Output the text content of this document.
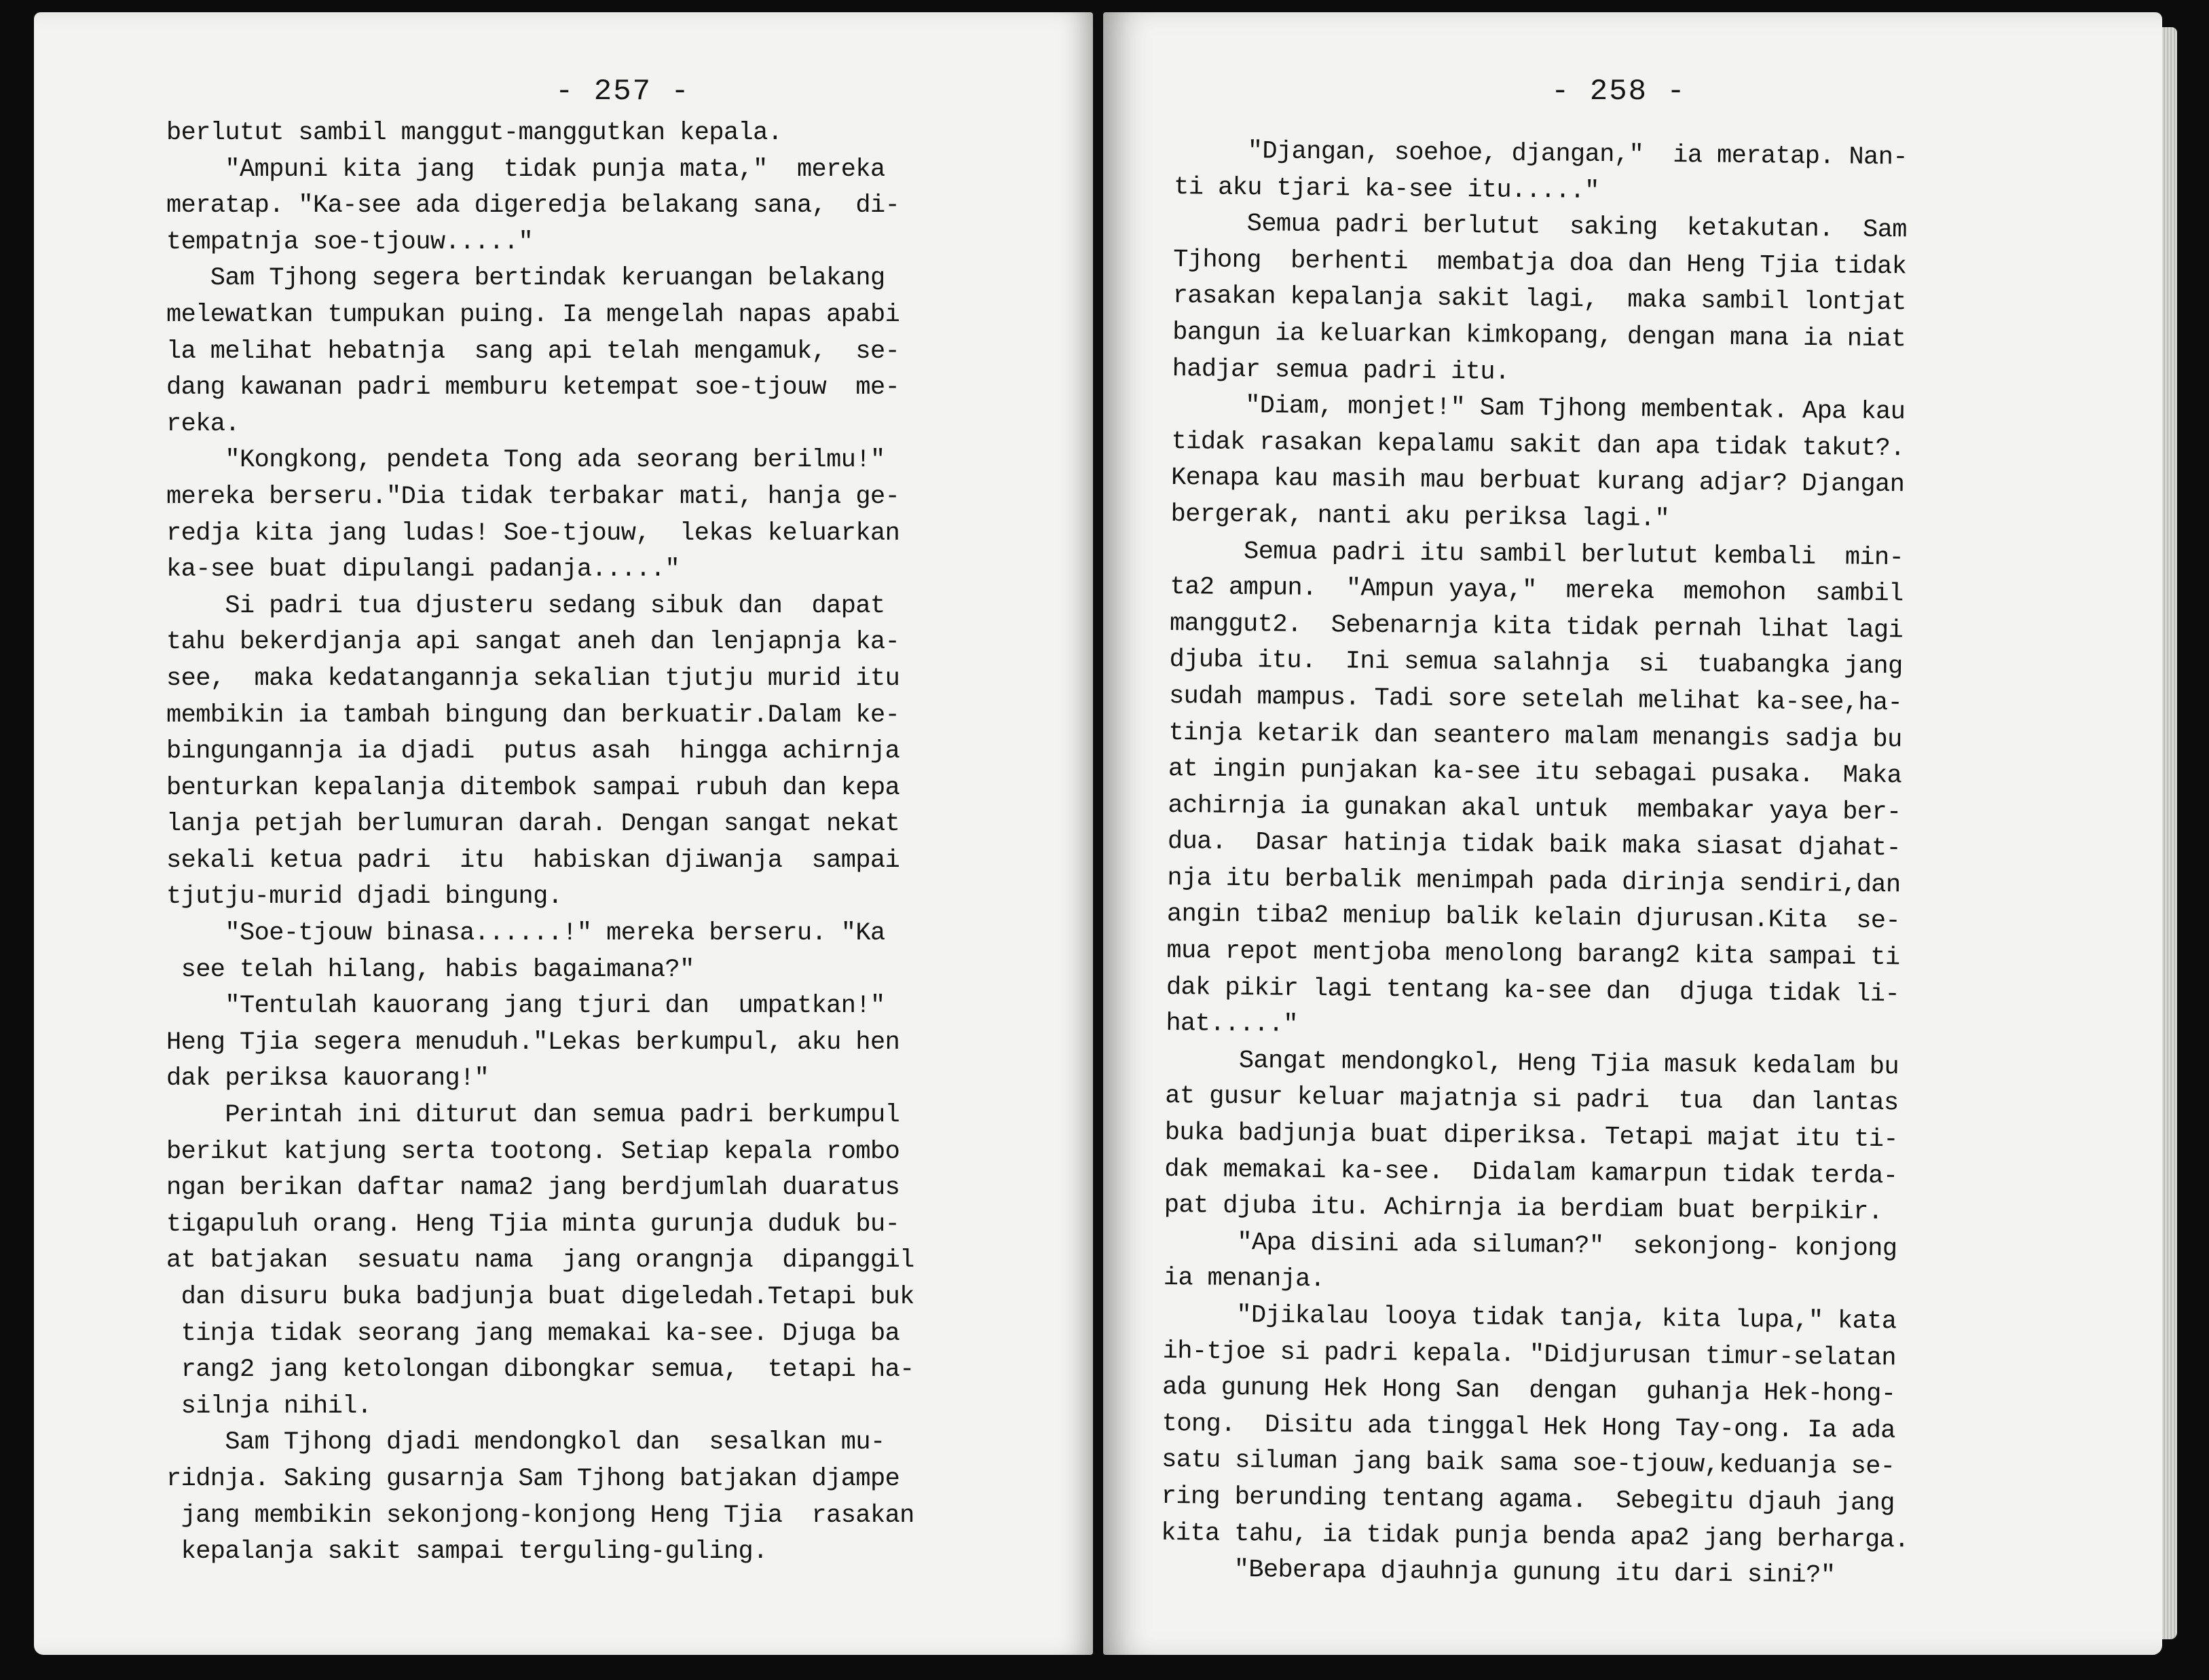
- 257 -
berlutut sambil manggut-manggutkan kepala.
"Ampuni kita jang  tidak punja mata,"  mereka
meratap. "Ka-see ada digeredja belakang sana,  di-
tempatnja soe-tjouw....."
Sam Tjhong segera bertindak keruangan belakang
melewatkan tumpukan puing. Ia mengelah napas apabi
la melihat hebatnja  sang api telah mengamuk,  se-
dang kawanan padri memburu ketempat soe-tjouw  me-
reka.
"Kongkong, pendeta Tong ada seorang berilmu!"
mereka berseru."Dia tidak terbakar mati, hanja ge-
redja kita jang ludas! Soe-tjouw,  lekas keluarkan
ka-see buat dipulangi padanja....."
Si padri tua djusteru sedang sibuk dan  dapat
tahu bekerdjanja api sangat aneh dan lenjapnja ka-
see,  maka kedatangannja sekalian tjutju murid itu
membikin ia tambah bingung dan berkuatir.Dalam ke-
bingungannja ia djadi  putus asah  hingga achirnja
benturkan kepalanja ditembok sampai rubuh dan kepa
lanja petjah berlumuran darah. Dengan sangat nekat
sekali ketua padri  itu  habiskan djiwanja  sampai
tjutju-murid djadi bingung.
"Soe-tjouw binasa......!" mereka berseru. "Ka
see telah hilang, habis bagaimana?"
"Tentulah kauorang jang tjuri dan  umpatkan!"
Heng Tjia segera menuduh."Lekas berkumpul, aku hen
dak periksa kauorang!"
Perintah ini diturut dan semua padri berkumpul
berikut katjung serta tootong. Setiap kepala rombo
ngan berikan daftar nama2 jang berdjumlah duaratus
tigapuluh orang. Heng Tjia minta gurunja duduk bu-
at batjakan  sesuatu nama  jang orangnja  dipanggil
dan disuru buka badjunja buat digeledah.Tetapi buk
tinja tidak seorang jang memakai ka-see. Djuga ba
rang2 jang ketolongan dibongkar semua,  tetapi ha-
silnja nihil.
Sam Tjhong djadi mendongkol dan  sesalkan mu-
ridnja. Saking gusarnja Sam Tjhong batjakan djampe
jang membikin sekonjong-konjong Heng Tjia  rasakan
kepalanja sakit sampai terguling-guling.
- 258 -
"Djangan, soehoe, djangan,"  ia meratap. Nan-
ti aku tjari ka-see itu....."
Semua padri berlutut  saking  ketakutan.  Sam
Tjhong  berhenti  membatja doa dan Heng Tjia tidak
rasakan kepalanja sakit lagi,  maka sambil lontjat
bangun ia keluarkan kimkopang, dengan mana ia niat
hadjar semua padri itu.
"Diam, monjet!" Sam Tjhong membentak. Apa kau
tidak rasakan kepalamu sakit dan apa tidak takut?.
Kenapa kau masih mau berbuat kurang adjar? Djangan
bergerak, nanti aku periksa lagi."
Semua padri itu sambil berlutut kembali  min-
ta2 ampun.  "Ampun yaya,"  mereka  memohon  sambil
manggut2.  Sebenarnja kita tidak pernah lihat lagi
djuba itu.  Ini semua salahnja  si  tuabangka jang
sudah mampus. Tadi sore setelah melihat ka-see,ha-
tinja ketarik dan seantero malam menangis sadja bu
at ingin punjakan ka-see itu sebagai pusaka.  Maka
achirnja ia gunakan akal untuk  membakar yaya ber-
dua.  Dasar hatinja tidak baik maka siasat djahat-
nja itu berbalik menimpah pada dirinja sendiri,dan
angin tiba2 meniup balik kelain djurusan.Kita  se-
mua repot mentjoba menolong barang2 kita sampai ti
dak pikir lagi tentang ka-see dan  djuga tidak li-
hat....."
Sangat mendongkol, Heng Tjia masuk kedalam bu
at gusur keluar majatnja si padri  tua  dan lantas
buka badjunja buat diperiksa. Tetapi majat itu ti-
dak memakai ka-see.  Didalam kamarpun tidak terda-
pat djuba itu. Achirnja ia berdiam buat berpikir.
"Apa disini ada siluman?"  sekonjong- konjong
ia menanja.
"Djikalau looya tidak tanja, kita lupa," kata
ih-tjoe si padri kepala. "Didjurusan timur-selatan
ada gunung Hek Hong San  dengan  guhanja Hek-hong-
tong.  Disitu ada tinggal Hek Hong Tay-ong. Ia ada
satu siluman jang baik sama soe-tjouw,keduanja se-
ring berunding tentang agama.  Sebegitu djauh jang
kita tahu, ia tidak punja benda apa2 jang berharga.
"Beberapa djauhnja gunung itu dari sini?"
